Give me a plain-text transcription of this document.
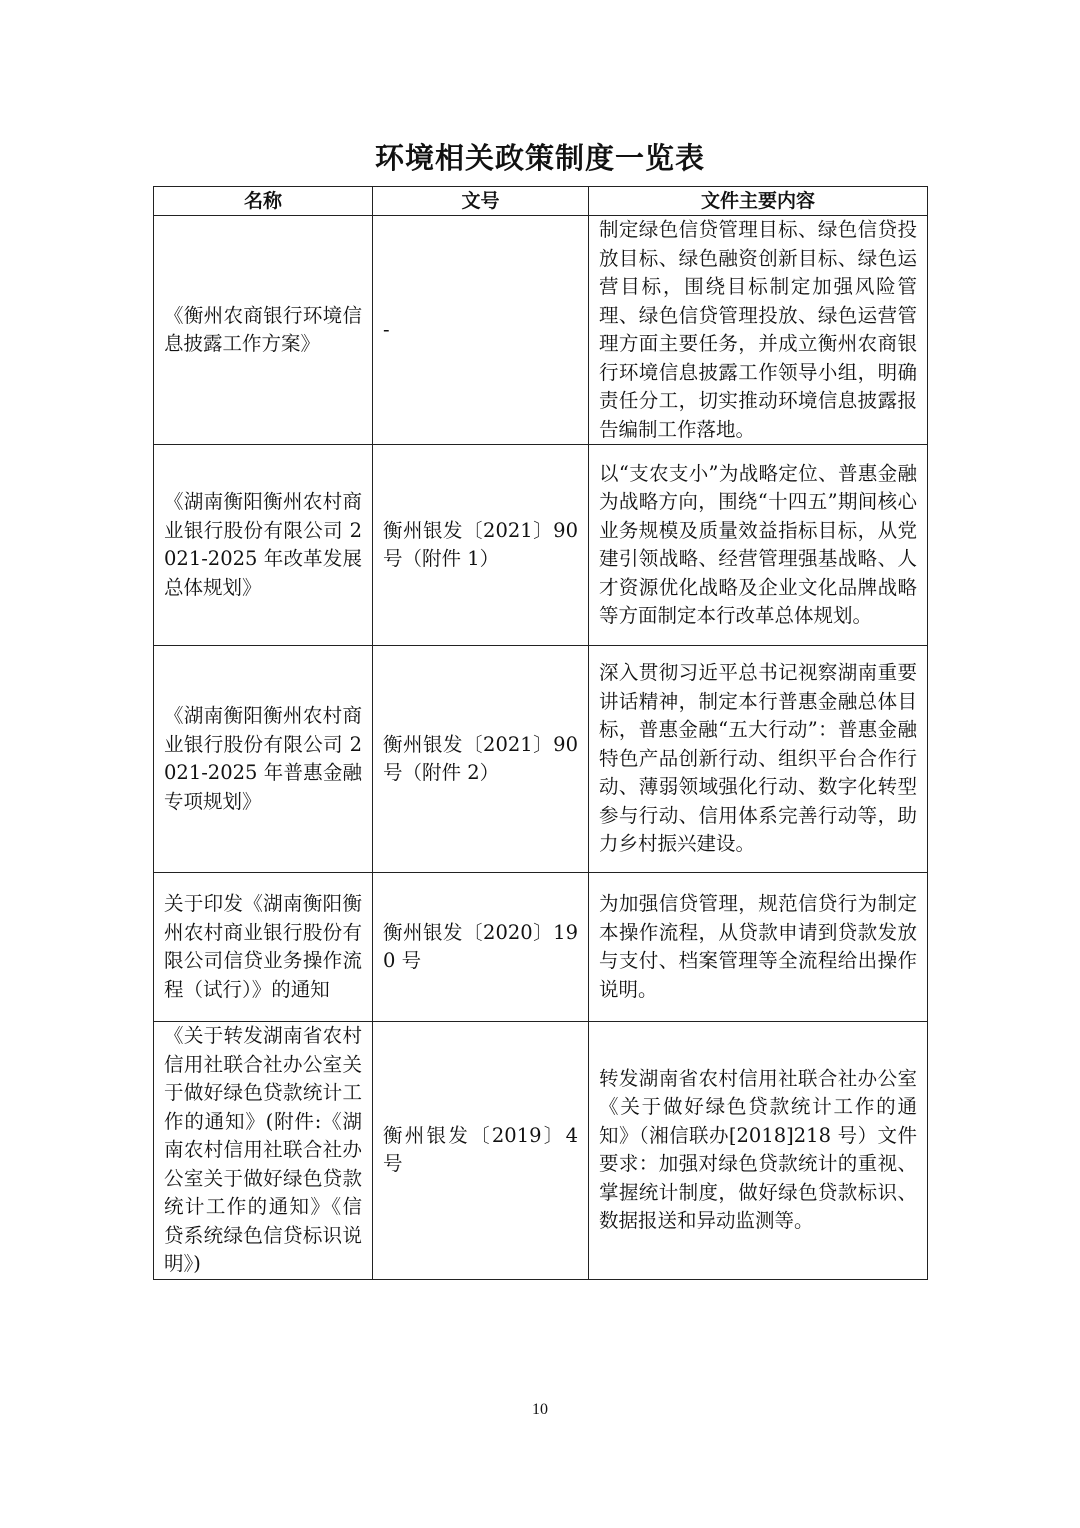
环境相关政策制度一览表
名称	文号	文件主要内容
《衡州农商银行环境信息披露工作方案》	-	制定绿色信贷管理目标、绿色信贷投放目标、绿色融资创新目标、绿色运营目标，围绕目标制定加强风险管理、绿色信贷管理投放、绿色运营管理方面主要任务，并成立衡州农商银行环境信息披露工作领导小组，明确责任分工，切实推动环境信息披露报告编制工作落地。
《湖南衡阳衡州农村商业银行股份有限公司 2021-2025 年改革发展总体规划》	衡州银发〔2021〕90 号（附件 1）	以“支农支小”为战略定位、普惠金融为战略方向，围绕“十四五”期间核心业务规模及质量效益指标目标，从党建引领战略、经营管理强基战略、人才资源优化战略及企业文化品牌战略等方面制定本行改革总体规划。
《湖南衡阳衡州农村商业银行股份有限公司 2021-2025 年普惠金融专项规划》	衡州银发〔2021〕90 号（附件 2）	深入贯彻习近平总书记视察湖南重要讲话精神，制定本行普惠金融总体目标，普惠金融“五大行动”：普惠金融特色产品创新行动、组织平台合作行动、薄弱领域强化行动、数字化转型参与行动、信用体系完善行动等，助力乡村振兴建设。
关于印发《湖南衡阳衡州农村商业银行股份有限公司信贷业务操作流程（试行）》的通知	衡州银发〔2020〕190 号	为加强信贷管理，规范信贷行为制定本操作流程，从贷款申请到贷款发放与支付、档案管理等全流程给出操作说明。
《关于转发湖南省农村信用社联合社办公室关于做好绿色贷款统计工作的通知》(附件:《湖南农村信用社联合社办公室关于做好绿色贷款统计工作的通知》《信贷系统绿色信贷标识说明》)	衡州银发〔2019〕4 号	转发湖南省农村信用社联合社办公室《关于做好绿色贷款统计工作的通知》（湘信联办[2018]218 号）文件要求：加强对绿色贷款统计的重视、掌握统计制度，做好绿色贷款标识、数据报送和异动监测等。
10
